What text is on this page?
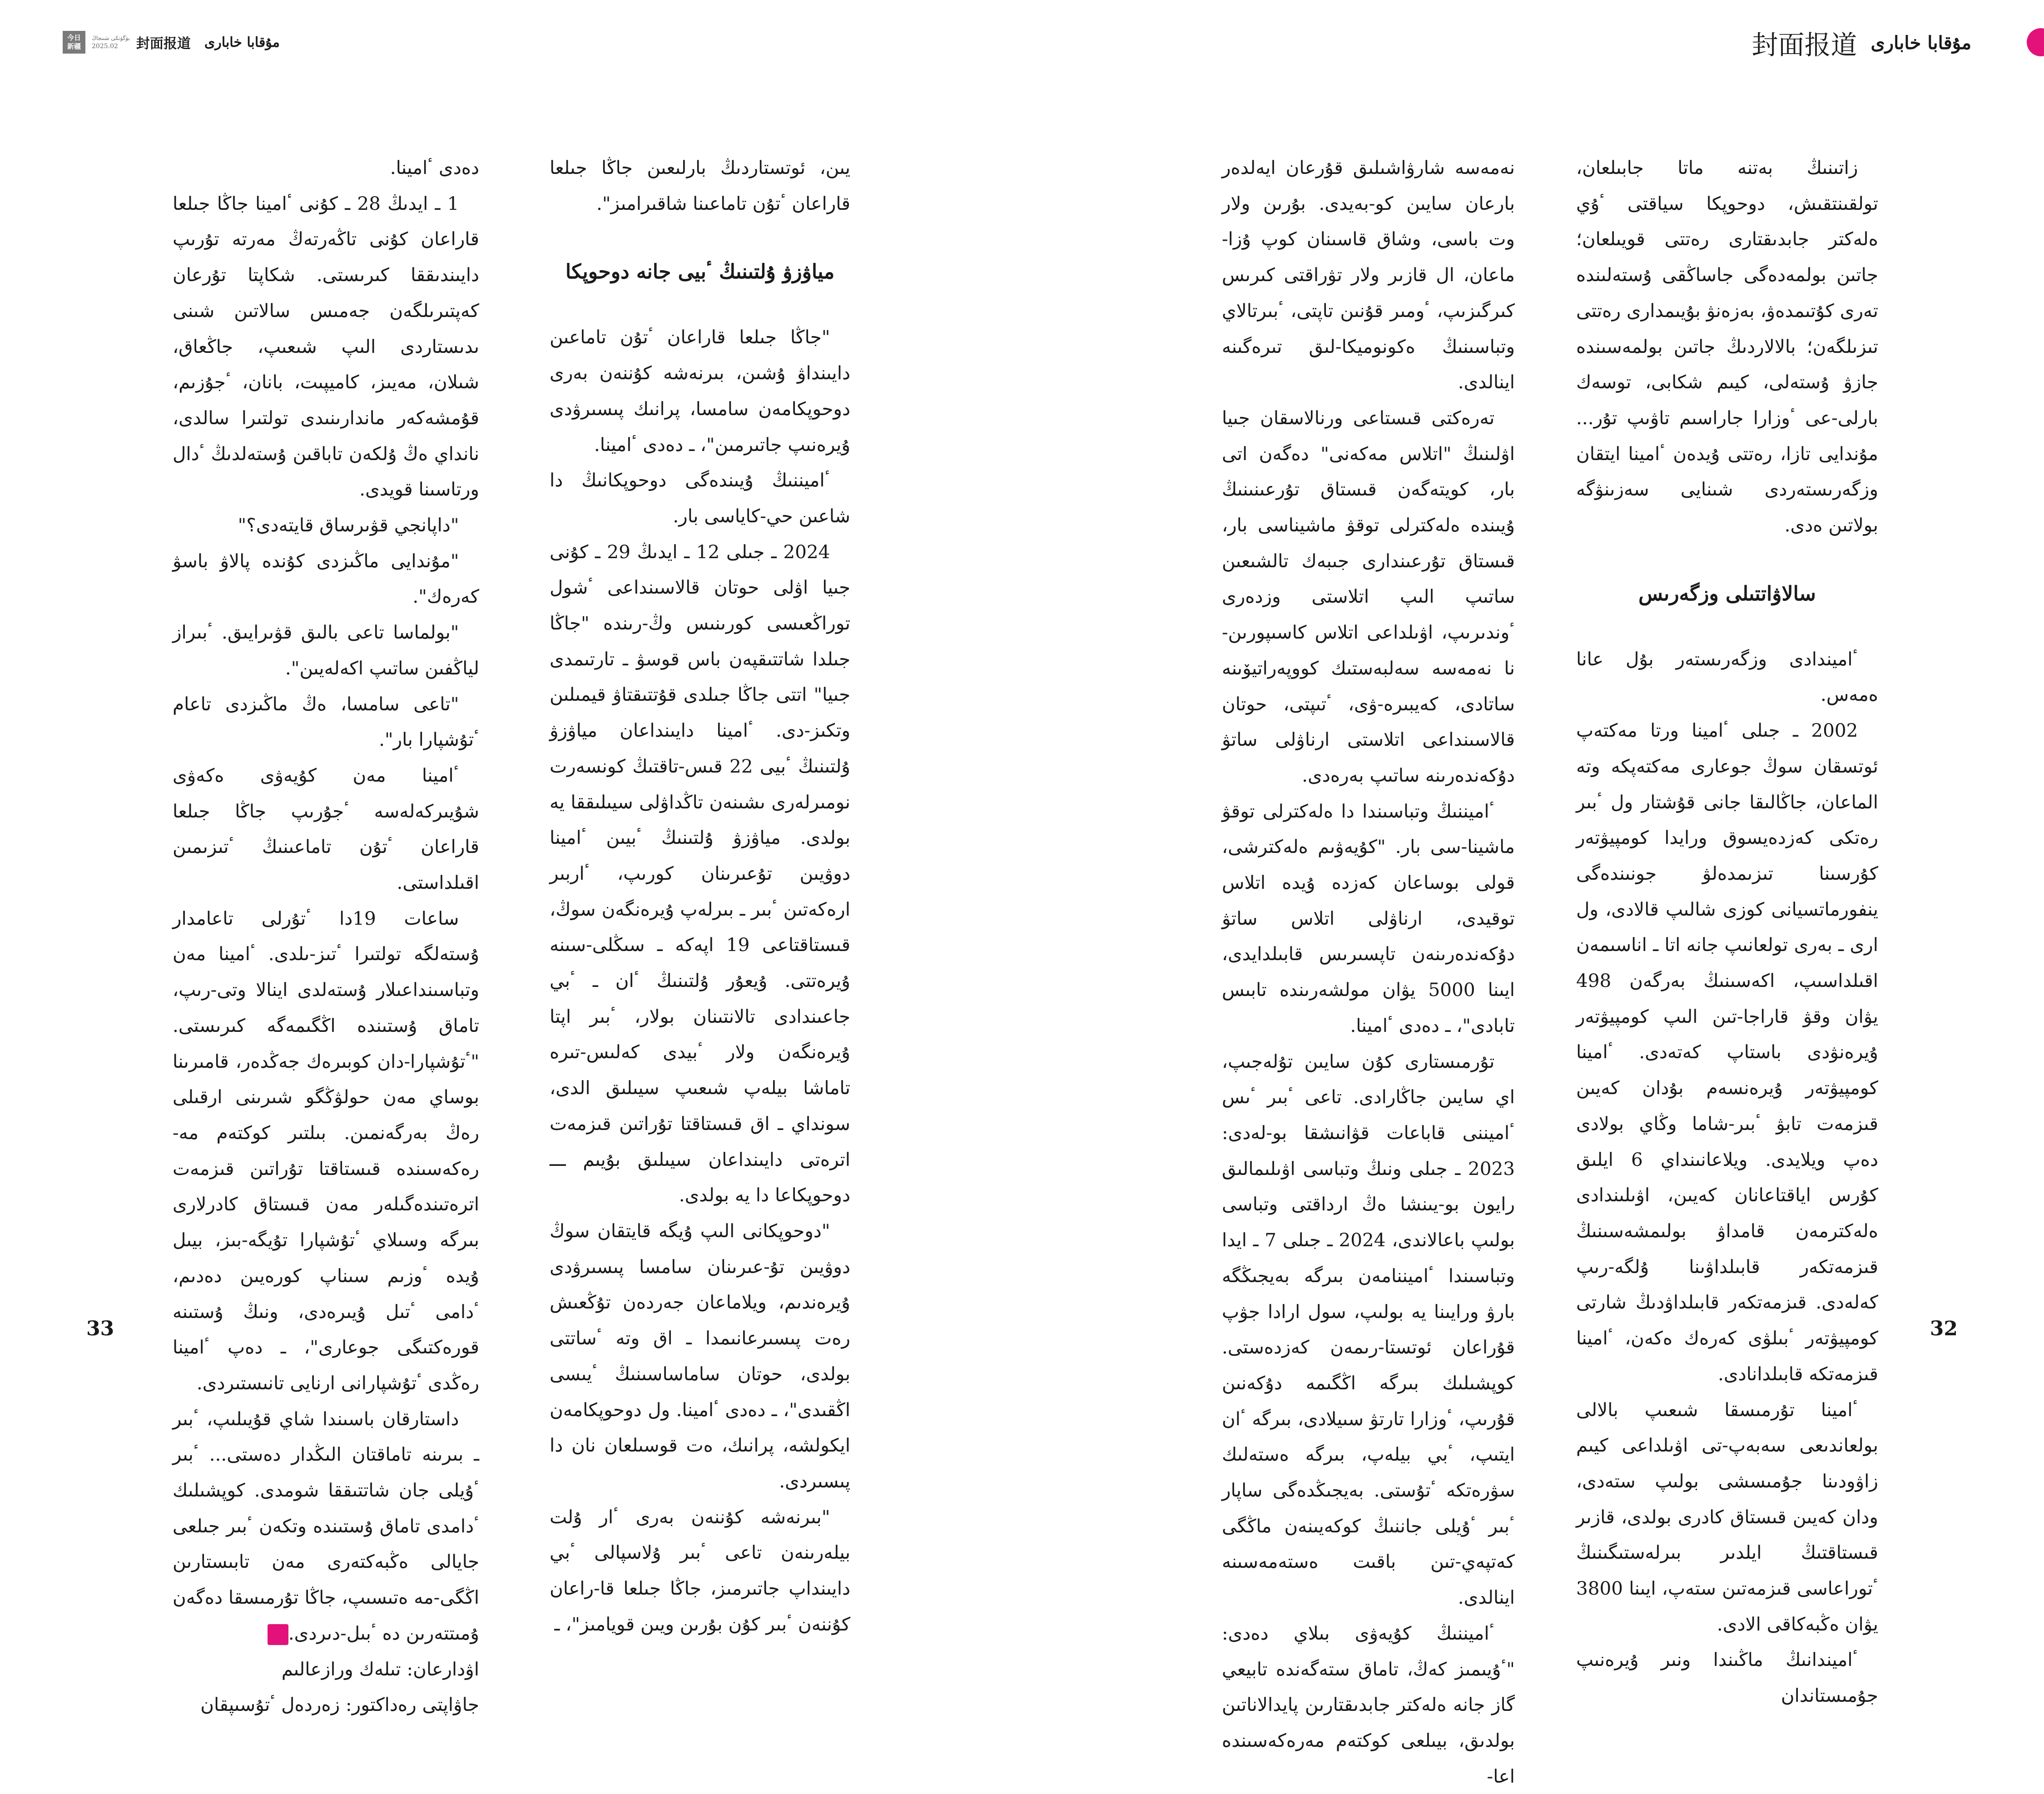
封面报道 مۇقابا خابارى

زاتىنىڭ بەتنە ماتا جابىلعان، تولقىنتقىش، دوحوپكا سياقتى ٴۇي ەلەكتر جابدىقتارى رەتتى قويىلعان؛ جاتىن بولمەدەگى جاساڭقى ۇستەلىندە تەرى كۇتىمدەۋ، بەزەنۋ بۇيىمدارى رەتتى تىزىلگەن؛ بالالاردىڭ جاتىن بولمەسىندە جازۋ ۇستەلى، كيىم شكابى، توسەك بارلى-عى ٴوزارا جاراسىم تاۋىپ تۇر... مۇندايى تازا، رەتتى ۇيدەن ٴامينا ايتقان وزگەرىستەردى شىنايى سەزىنۋگە بولاتىن ەدى.

سالاۋاتتىلى وزگەرىس

ٴاميندادى وزگەرىستەر بۇل عانا ەمەس.

2002 ـ جىلى ٴامينا ورتا مەكتەپ ئوتسقان سوڭ جوعارى مەكتەپكە وتە الماعان، جاڭالىقا جانى قۇشتار ول ٴبىر رەتكى كەزدەيسوق ورايدا كومپيۋتەر كۇرسىنا تىزىمدەلۋ جونىندەگى ينفورماتسيانى كوزى شالىپ قالادى، ول ارى ـ بەرى تولعانىپ جانە اتا ـ اناسىمەن اقىلداسىپ، اكەسىنىڭ بەرگەن 498 يۋان وقۋ قاراجا-تىن الىپ كومپيۋتەر ۇيرەنۋدى باستاپ كەتەدى. ٴامينا كومپيۋتەر ۇيرەنسەم بۇدان كەيىن قىزمەت تابۋ ٴبىر-شاما وڭاي بولادى دەپ ويلايدى. ويلاعانىنداي 6 ايلىق كۇرس اياقتاعانان كەيىن، اۋىلىندادى ەلەكترمەن قامداۋ بولىمشەسىنىڭ قىزمەتكەر قابىلداۋىنا ۇلگە-رىپ كەلەدى. قىزمەتكەر قابىلداۋدىڭ شارتى كومپيۋتەر ٴبىلۋى كەرەك ەكەن، ٴامينا قىزمەتكە قابىلدانادى.

ٴامينا تۇرمىسقا شىعىپ بالالى بولعاندىعى سەبەپ-تى اۋىلداعى كيىم زاۋودىنا جۇمىسشى بولىپ ستەدى، ودان كەيىن قىستاق كادرى بولدى، قازىر قىستاقتىڭ ايلدىر بىرلەستىگىنىڭ ٴتوراعاسى قىزمەتىن ستەپ، ايىنا 3800 يۋان ەڭبەكاقى الادى.

ٴاميندانىڭ ماڭىندا ونىر ۇيرەنىپ جۇمىستاندان

نەمەسە شارۋاشىلىق قۇرعان ايەلدەر بارعان سايىن كو-بەيدى. بۇرىن ولار وت باسى، وشاق قاسىنان كوپ ۇزا-ماعان، ال قازىر ولار تۋراقتى كىرىس كىرگىزىپ، ٴومىر قۇنىن تاپتى، ٴبىرتالاي وتباسىنىڭ ەكونوميكا-لىق تىرەگىنە اينالدى.

تەرەكتى قىستاعى ورنالاسقان جىيا اۋلىنىڭ "اتلاس مەكەنى" دەگەن اتى بار، كويتەگەن قىستاق تۇرعىنىنىڭ ۇيىندە ەلەكترلى توقۋ ماشيناسى بار، قىستاق تۇرعىندارى جىبەك تالشىعىن ساتىپ الىپ اتلاستى وزدەرى ٴوندىرىپ، اۋىلداعى اتلاس كاسىپورىن-نا نەمەسە سەلبەستىك كووپەراتيۆىنە ساتادى، كەيبىرە-ۋى، ٴتىپتى، حوتان قالاسىنداعى اتلاستى ارناۋلى ساتۋ دۇكەندەرىنە ساتىپ بەرەدى.

ٴاميننىڭ وتباسىندا دا ەلەكترلى توقۋ ماشينا-سى بار. "كۇيەۋىم ەلەكترشى، قولى بوساعان كەزدە ۇيدە اتلاس توقيدى، ارناۋلى اتلاس ساتۋ دۇكەندەرىنەن تاپسىرىس قابىلدايدى، ايىنا 5000 يۋان مولشەرىندە تابىس تابادى"، ـ دەدى ٴامينا.

تۇرمىستارى كۇن سايىن تۇلەجىپ، اي سايىن جاڭارادى. تاعى ٴبىر ٴىس ٴاميننى قاباعات قۋانىشقا بو-لەدى: 2023 ـ جىلى ونىڭ وتباسى اۋىلىمالىق رايون بو-يىنشا ەڭ ارداقتى وتباسى بولىپ باعالاندى، 2024 ـ جىلى 7 ـ ايدا وتباسىندا ٴاميننامەن بىرگە بەيجىڭگە بارۋ ورايىنا يە بولىپ، سول ارادا جۋپ قۇراعان ئوتستا-رىمەن كەزدەستى. كوپشىلىك بىرگە اڭگىمە دۇكەنىن قۇرىپ، ٴوزارا تارتۋ سىيلادى، بىرگە ٴان ايتىپ، ٴبي بيلەپ، بىرگە ەستەلىك سۋرەتكە ٴتۇستى. بەيجىڭدەگى ساپار ٴبىر ٴۇيلى جاننىڭ كوكەيىنەن ماڭگى كەتپەي-تىن باقىت ەستەمەسىنە اينالدى.

ٴاميننىڭ كۇيەۋى بىلاي دەدى: "ٴۇيىمىز كەڭ، تاماق ستەگەندە تابيعي گاز جانە ەلەكتر جابدىقتارىن پايدالاناتىن بولدىق، بيىلعى كوكتەم مەرەكەسىندە اعا-

32
今日
新疆
بۈگۈنكى شىنجاڭ
2025.02	封面报道 مۇقابا خابارى

يىن، ئوتستاردىڭ بارلىعىن جاڭا جىلعا قاراعان ٴتۇن تاماعىنا شاقىرامىز".

مياۋزۋ ۇلتىنىڭ ٴبيى جانە دوحوپكا

"جاڭا جىلعا قاراعان ٴتۇن تاماعىن دايىنداۋ ۇشىن، بىرنەشە كۇننەن بەرى دوحوپكامەن سامسا، پرانىك پىسىرۋدى ۇيرەنىپ جاتىرمىن"، ـ دەدى ٴامينا.

ٴاميننىڭ ۇيىندەگى دوحوپكانىڭ دا شاعىن حي-كاياسى بار.

2024 ـ جىلى 12 ـ ايدىڭ 29 ـ كۇنى جىيا اۋلى حوتان قالاسىنداعى ٴشول توراڭعىسى كورىنىس وڭ-رىندە "جاڭا جىلدا شاتتىقپەن باس قوسۋ ـ تارتىمدى جىيا" اتتى جاڭا جىلدى قۇتتىقتاۋ قيمىلىن وتكىز-دى. ٴامينا دايىنداعان مياۋزۋ ۇلتىنىڭ ٴبيى 22 قىس-تاقتىڭ كونسەرت نومىرلەرى ىشىنەن تاڭداۋلى سيىلىققا يە بولدى. مياۋزۋ ۇلتىنىڭ ٴبيىن ٴامينا دوۋيىن تۇعىرىنان كورىپ، ٴاربىر ارەكەتىن ٴبىر ـ بىرلەپ ۇيرەنگەن سوڭ، قىستاقتاعى 19 اپەكە ـ سىڭلى-سىنە ۇيرەتتى. ۇيعۇر ۇلتىنىڭ ٴان ـ ٴبي جاعىندادى تالانتىنان بولار، ٴبىر اپتا ۇيرەنگەن ولار ٴبيدى كەلىس-تىرە تاماشا بيلەپ شىعىپ سيىلىق الدى، سونداي ـ اق قىستاقتا تۇراتىن قىزمەت اترەتى دايىنداعان سيىلىق بۇيىم ـــ دوحوپكاعا دا يە بولدى.

"دوحوپكانى الىپ ۇيگە قايتقان سوڭ دوۋيىن تۇ-عىرىنان سامسا پىسىرۋدى ۇيرەندىم، ويلاماعان جەردەن تۇڭعىش رەت پىسىرعانىمدا ـ اق وتە ٴساتتى بولدى، حوتان ساماساسىنىڭ ٴيىسى اڭقىدى"، ـ دەدى ٴامينا. ول دوحوپكامەن ايكولشە، پرانىك، ەت قوسىلعان نان دا پىسىردى.

"بىرنەشە كۇننەن بەرى ٴار ۇلت بيلەرىنەن تاعى ٴبىر ۇلاسپالى ٴبي دايىنداپ جاتىرمىز، جاڭا جىلعا قا-راعان كۇننەن ٴبىر كۇن بۇرىن ويىن قويامىز"، ـ

دەدى ٴامينا.

1 ـ ايدىڭ 28 ـ كۇنى ٴامينا جاڭا جىلعا قاراعان كۇنى تاڭەرتەڭ مەرتە تۇرىپ دايىندىققا كىرىستى. شكاپتا تۇرعان كەپتىرىلگەن جەمىس سالاتىن شىنى ىدىستاردى الىپ شىعىپ، جاڭعاق، شىلان، مەيىز، كاميپىت، بانان، ٴجۇزىم، قۇمشەكەر ماندارىنىدى تولتىرا سالدى، نانداي ەڭ ۇلكەن تاباقىن ۇستەلدىڭ ٴدال ورتاسىنا قويدى.

"داپانجي قۋىرساق قايتەدى؟"

"مۇندايى ماڭىزدى كۇندە پالاۋ باسۋ كەرەك".

"بولماسا تاعى بالىق قۋىرايىق. ٴبىراز لياڭفىن ساتىپ اكەلەيىن".

"تاعى سامسا، ەڭ ماڭىزدى تاعام ٴتۇشپارا بار".

ٴامينا مەن كۇيەۋى ەكەۋى شۇيىركەلەسە ٴجۇرىپ جاڭا جىلعا قاراعان ٴتۇن تاماعىنىڭ ٴتىزىمىن اقىلداستى.

ساعات 19دا ٴتۇرلى تاعامدار ۇستەلگە تولتىرا ٴتىز-ىلدى. ٴامينا مەن وتباسىنداعىلار ۇستەلدى اينالا وتى-رىپ، تاماق ۇستىندە اڭگىمەگە كىرىستى. "ٴتۇشپارا-دان كوبىرەك جەڭدەر، قامىرىنا بوساي مەن حولۋڭگو شىرىنى ارقىلى رەڭ بەرگەنمىن. بىلتىر كوكتەم مە-رەكەسىندە قىستاقتا تۇراتىن قىزمەت اترەتىندەگىلەر مەن قىستاق كادرلارى بىرگە وسىلاي ٴتۇشپارا تۇيگە-بىز، بيىل ۇيدە ٴوزىم سىناپ كورەيىن دەدىم، ٴدامى ٴتىل ۇيىرەدى، ونىڭ ۇستىنە قورەكتىگى جوعارى"، ـ دەپ ٴامينا رەڭدى ٴتۇشپارانى ارنايى تانىستىردى.

داستارقان باسىندا شاي قۇيىلىپ، ٴبىر ـ بىرىنە تاماقتان الىڭدار دەستى... ٴبىر ٴۇيلى جان شاتتىققا شومدى. كوپشىلىك ٴدامدى تاماق ۇستىندە وتكەن ٴبىر جىلعى جايالى ەڭبەكتەرى مەن تابىستارىن اڭگى-مە ەتىسىپ، جاڭا تۇرمىسقا دەگەن ۇمىتتەرىن دە ٴبىل-دىردى.J

اۋدارعان: تىلەك ورازعالىم

جاۋاپتى رەداكتور: زەردەل ٴتۇسىپقان

33
